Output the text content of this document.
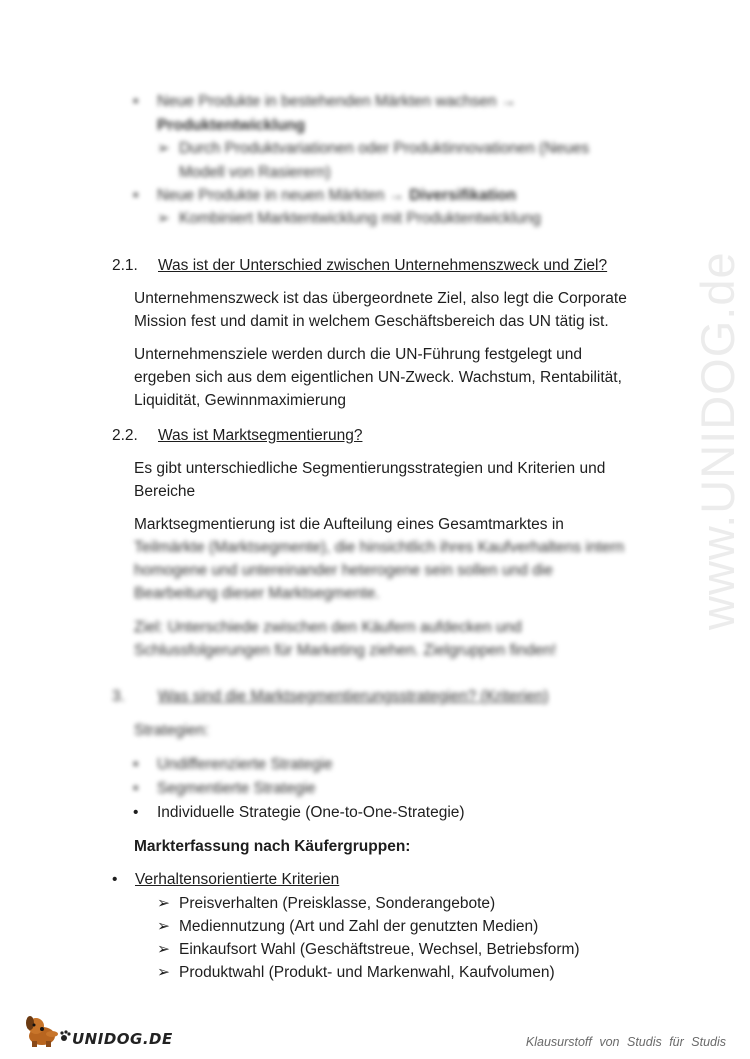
www.UNIDOG.de
•	Neue Produkte in bestehenden Märkten wachsen →
Produktentwicklung
➢ Durch Produktvariationen oder Produktinnovationen (Neues
Modell von Rasierern)
•	Neue Produkte in neuen Märkten → Diversifikation
➢ Kombiniert Marktentwicklung mit Produktentwicklung
2.1.	Was ist der Unterschied zwischen Unternehmenszweck und Ziel?
Unternehmenszweck ist das übergeordnete Ziel, also legt die Corporate
Mission fest und damit in welchem Geschäftsbereich das UN tätig ist.
Unternehmensziele werden durch die UN-Führung festgelegt und
ergeben sich aus dem eigentlichen UN-Zweck. Wachstum, Rentabilität,
Liquidität, Gewinnmaximierung
2.2.	Was ist Marktsegmentierung?
Es gibt unterschiedliche Segmentierungsstrategien und Kriterien und
Bereiche
Marktsegmentierung ist die Aufteilung eines Gesamtmarktes in
Teilmärkte (Marktsegmente), die hinsichtlich ihres Kaufverhaltens intern
homogene und untereinander heterogene sein sollen und die
Bearbeitung dieser Marktsegmente.
Ziel: Unterschiede zwischen den Käufern aufdecken und
Schlussfolgerungen für Marketing ziehen. Zielgruppen finden!
3.	Was sind die Marktsegmentierungsstrategien? (Kriterien)
Strategien:
•	Undifferenzierte Strategie
•	Segmentierte Strategie
•	Individuelle Strategie (One-to-One-Strategie)
Markterfassung nach Käufergruppen:
•	Verhaltensorientierte Kriterien
➢ Preisverhalten (Preisklasse, Sonderangebote)
➢ Mediennutzung (Art und Zahl der genutzten Medien)
➢ Einkaufsort Wahl (Geschäftstreue, Wechsel, Betriebsform)
➢ Produktwahl (Produkt- und Markenwahl, Kaufvolumen)
UNIDOG.DE	Klausurstoff von Studis für Studis
